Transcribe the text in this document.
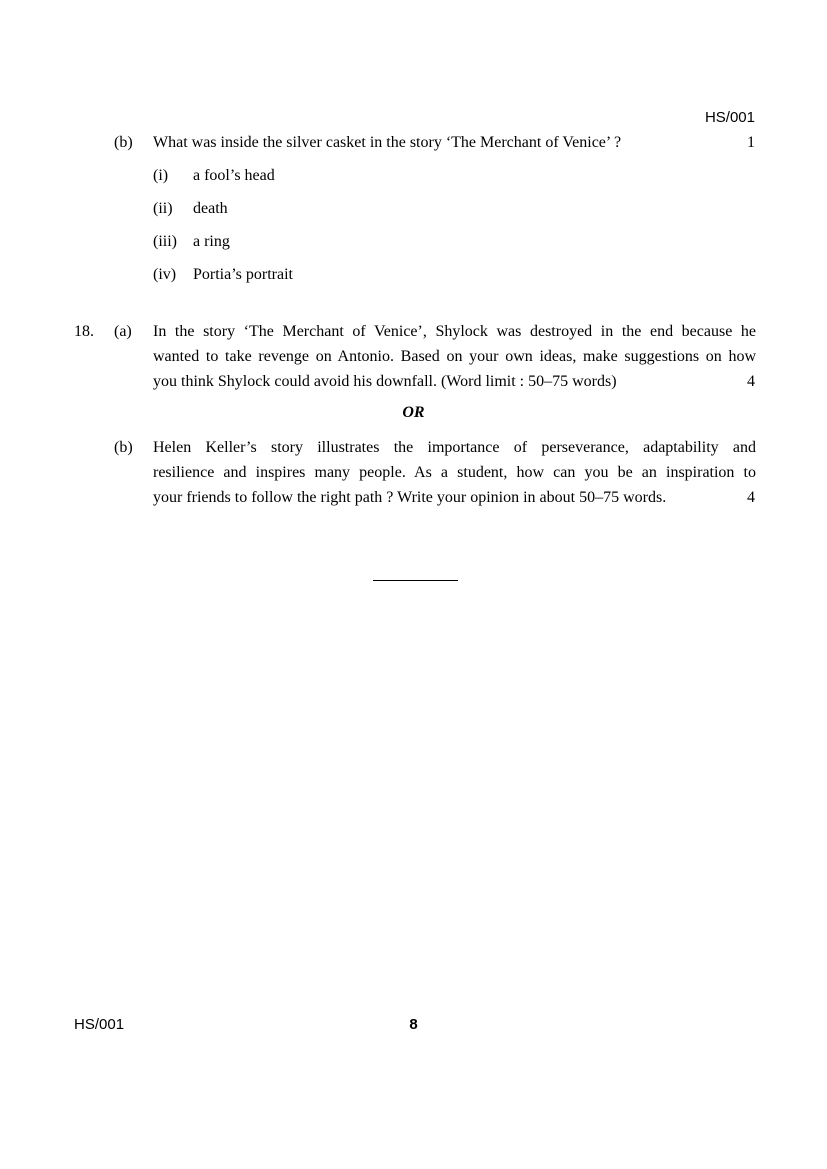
HS/001
(b) What was inside the silver casket in the story ‘The Merchant of Venice’ ?	1
(i) a fool’s head
(ii) death
(iii) a ring
(iv) Portia’s portrait
18. (a) In the story ‘The Merchant of Venice’, Shylock was destroyed in the end because he
wanted to take revenge on Antonio. Based on your own ideas, make suggestions on how
you think Shylock could avoid his downfall. (Word limit : 50–75 words)	4
OR
(b) Helen Keller’s story illustrates the importance of perseverance, adaptability and
resilience and inspires many people. As a student, how can you be an inspiration to
your friends to follow the right path ? Write your opinion in about 50–75 words.	4
HS/001	8
